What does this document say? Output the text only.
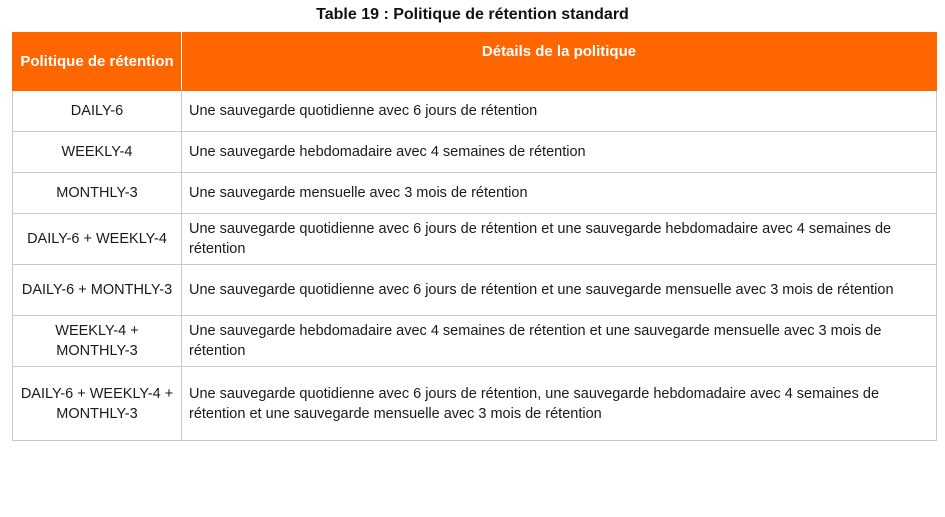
Table 19 : Politique de rétention standard
Politique de rétention	Détails de la politique
DAILY-6	Une sauvegarde quotidienne avec 6 jours de rétention
WEEKLY-4	Une sauvegarde hebdomadaire avec 4 semaines de rétention
MONTHLY-3	Une sauvegarde mensuelle avec 3 mois de rétention
DAILY-6 + WEEKLY-4	Une sauvegarde quotidienne avec 6 jours de rétention et une sauvegarde hebdomadaire avec 4 semaines de rétention
DAILY-6 + MONTHLY-3	Une sauvegarde quotidienne avec 6 jours de rétention et une sauvegarde mensuelle avec 3 mois de rétention
WEEKLY-4 + MONTHLY-3	Une sauvegarde hebdomadaire avec 4 semaines de rétention et une sauvegarde mensuelle avec 3 mois de rétention
DAILY-6 + WEEKLY-4 + MONTHLY-3	Une sauvegarde quotidienne avec 6 jours de rétention, une sauvegarde hebdomadaire avec 4 semaines de rétention et une sauvegarde mensuelle avec 3 mois de rétention
